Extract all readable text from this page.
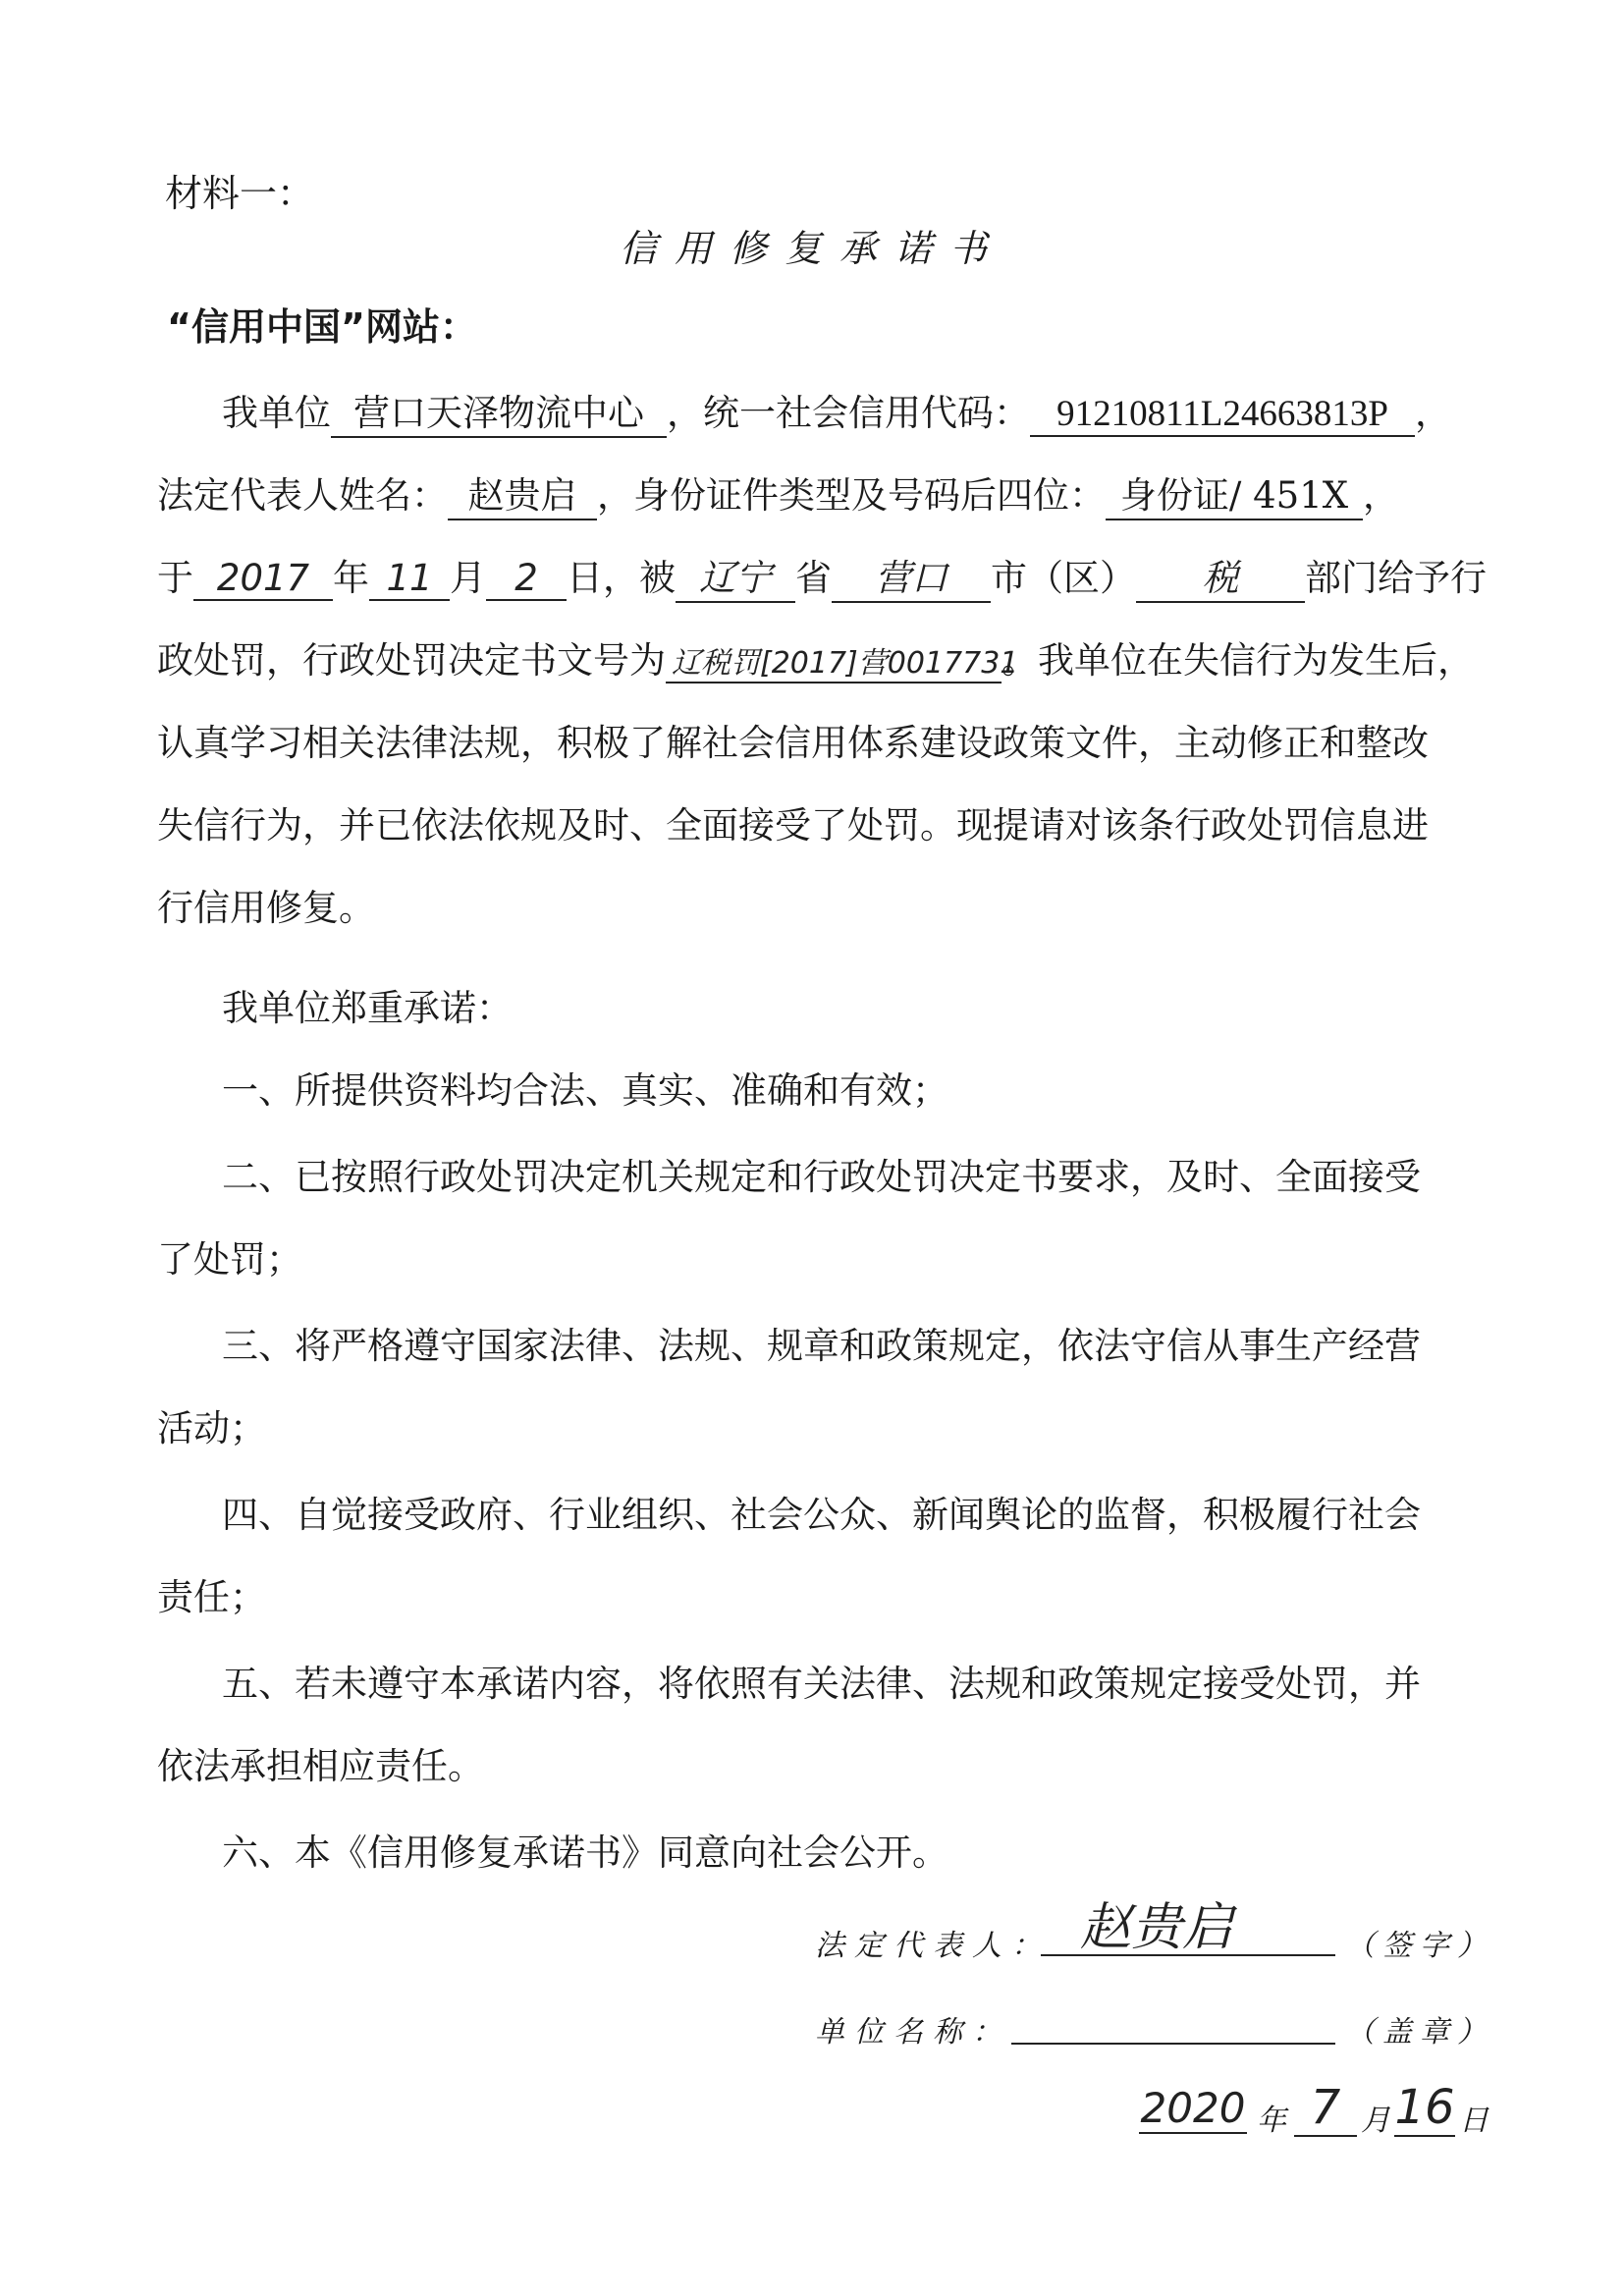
材料一：
信用修复承诺书
“信用中国”网站：
我单位 营口天泽物流中心 ，统一社会信用代码： 91210811L24663813P ，
法定代表人姓名： 赵贵启 ，身份证件类型及号码后四位： 身份证/ 451X ，
于 2017 年 11 月 2 日，被 辽宁 省 营口 市（区） 税 部门给予行
政处罚，行政处罚决定书文号为 辽税罚[2017]营0017731。我单位在失信行为发生后，
认真学习相关法律法规，积极了解社会信用体系建设政策文件，主动修正和整改
失信行为，并已依法依规及时、全面接受了处罚。现提请对该条行政处罚信息进
行信用修复。
我单位郑重承诺：
一、所提供资料均合法、真实、准确和有效；
二、已按照行政处罚决定机关规定和行政处罚决定书要求，及时、全面接受
了处罚；
三、将严格遵守国家法律、法规、规章和政策规定，依法守信从事生产经营
活动；
四、自觉接受政府、行业组织、社会公众、新闻舆论的监督，积极履行社会
责任；
五、若未遵守本承诺内容，将依照有关法律、法规和政策规定接受处罚，并
依法承担相应责任。
六、本《信用修复承诺书》同意向社会公开。
法定代表人： 赵贵启	（签字）
单位名称：	（盖章）
2020 年 7 月
16 日
